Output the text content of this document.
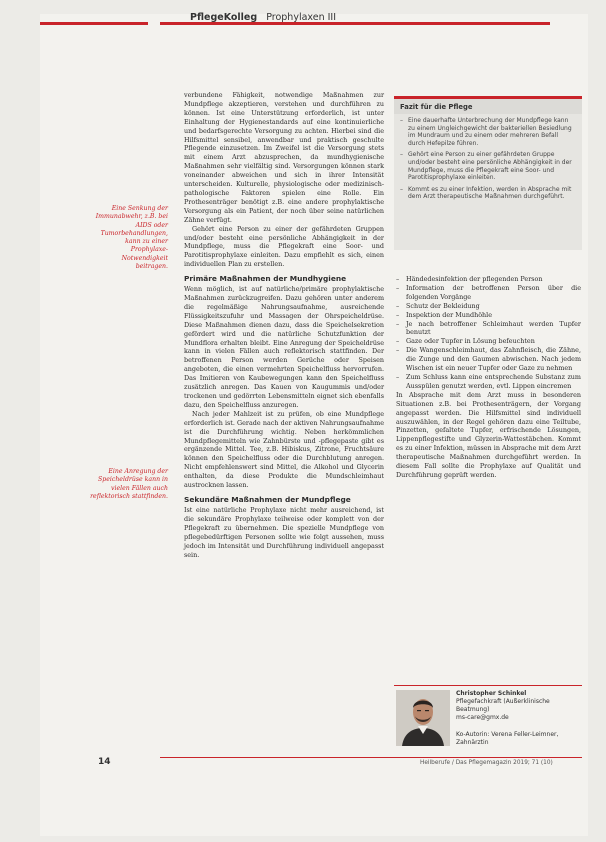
PflegeKolleg Prophylaxen III
Eine Senkung der Immunabwehr, z.B. bei AIDS oder Tumorbehandlungen, kann zu einer Prophylaxe-Notwendigkeit beitragen.
Eine Anregung der Speicheldrüse kann in vielen Fällen auch reflektorisch stattfinden.

verbundene Fähigkeit, notwendige Maßnahmen zur Mundpflege akzeptieren, verstehen und durchführen zu können. Ist eine Unterstützung erforderlich, ist unter Einhaltung der Hygienestandards auf eine kontinuierliche und bedarfsgerechte Versorgung zu achten. Hierbei sind die Hilfsmittel sensibel, anwendbar und praktisch geschulte Pflegende einzusetzen. Im Zweifel ist die Versorgung stets mit einem Arzt abzusprechen, da mundhygienische Maßnahmen sehr vielfältig sind. Versorgungen können stark voneinander abweichen und sich in ihrer Intensität unterscheiden. Kulturelle, physiologische oder medizinisch-pathologische Faktoren spielen eine Rolle. Ein Prothesenträger benötigt z.B. eine andere prophylaktische Versorgung als ein Patient, der noch über seine natürlichen Zähne verfügt.

Gehört eine Person zu einer der gefährdeten Gruppen und/oder besteht eine persönliche Abhängigkeit in der Mundpflege, muss die Pflegekraft eine Soor- und Parotitisprophylaxe einleiten. Dazu empfiehlt es sich, einen individuellen Plan zu erstellen.

Primäre Maßnahmen der Mundhygiene

Wenn möglich, ist auf natürliche/primäre prophylaktische Maßnahmen zurückzugreifen. Dazu gehören unter anderem die regelmäßige Nahrungsaufnahme, ausreichende Flüssigkeitszufuhr und Massagen der Ohrspeicheldrüse. Diese Maßnahmen dienen dazu, dass die Speichelsekretion gefördert wird und die natürliche Schutzfunktion der Mundflora erhalten bleibt. Eine Anregung der Speicheldrüse kann in vielen Fällen auch reflektorisch stattfinden. Der betroffenen Person werden Gerüche oder Speisen angeboten, die einen vermehrten Speichelfluss hervorrufen. Das Imitieren von Kaubewegungen kann den Speichelfluss zusätzlich anregen. Das Kauen von Kaugummis und/oder trockenen und gedörrten Lebensmitteln eignet sich ebenfalls dazu, den Speichelfluss anzuregen.

Nach jeder Mahlzeit ist zu prüfen, ob eine Mundpflege erforderlich ist. Gerade nach der aktiven Nahrungsaufnahme ist die Durchführung wichtig. Neben herkömmlichen Mundpflegemitteln wie Zahnbürste und -pflegepaste gibt es ergänzende Mittel. Tee, z.B. Hibiskus, Zitrone, Fruchtsäure können den Speichelfluss oder die Durchblutung anregen. Nicht empfehlenswert sind Mittel, die Alkohol und Glycerin enthalten, da diese Produkte die Mundschleimhaut austrocknen lassen.

Sekundäre Maßnahmen der Mundpflege

Ist eine natürliche Prophylaxe nicht mehr ausreichend, ist die sekundäre Prophylaxe teilweise oder komplett von der Pflegekraft zu übernehmen. Die spezielle Mundpflege von pflegebedürftigen Personen sollte wie folgt aussehen, muss jedoch im Intensität und Durchführung individuell angepasst sein.

Fazit für die Pflege
– Eine dauerhafte Unterbrechung der Mundpflege kann zu einem Ungleichgewicht der bakteriellen Besiedlung im Mundraum und zu einem oder mehreren Befall durch Hefepilze führen.
– Gehört eine Person zu einer gefährdeten Gruppe und/oder besteht eine persönliche Abhängigkeit in der Mundpflege, muss die Pflegekraft eine Soor- und Parotitisprophylaxe einleiten.
– Kommt es zu einer Infektion, werden in Absprache mit dem Arzt therapeutische Maßnahmen durchgeführt.
– Händedesinfektion der pflegenden Person
– Information der betroffenen Person über die folgenden Vorgänge
– Schutz der Bekleidung
– Inspektion der Mundhöhle
– Je nach betroffener Schleimhaut werden Tupfer benutzt
– Gaze oder Tupfer in Lösung befeuchten
– Die Wangenschleimhaut, das Zahnfleisch, die Zähne, die Zunge und den Gaumen abwischen. Nach jedem Wischen ist ein neuer Tupfer oder Gaze zu nehmen
– Zum Schluss kann eine entsprechende Substanz zum Ausspülen genutzt werden, evtl. Lippen eincremen

In Absprache mit dem Arzt muss in besonderen Situationen z.B. bei Prothesenträgern, der Vorgang angepasst werden. Die Hilfsmittel sind individuell auszuwählen, in der Regel gehören dazu eine Teiltube, Pinzetten, gefaltete Tupfer, erfrischende Lösungen, Lippenpflegestifte und Glyzerin-Wattestäbchen. Kommt es zu einer Infektion, müssen in Absprache mit dem Arzt therapeutische Maßnahmen durchgeführt werden. In diesem Fall sollte die Prophylaxe auf Qualität und Durchführung geprüft werden.

Christopher Schinkel
Pflegefachkraft (Außerklinische Beatmung)
ms-care@gmx.de
Ko-Autorin: Verena Feller-Leimner, Zahnärztin
14	Heilberufe / Das Pflegemagazin 2019; 71 (10)
